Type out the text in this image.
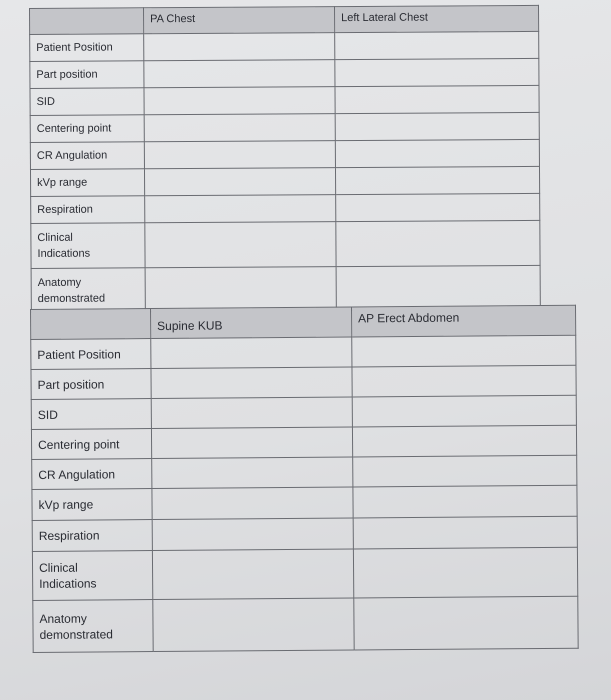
	PA Chest	Left Lateral Chest
Patient Position		
Part position		
SID		
Centering point		
CR Angulation		
kVp range		
Respiration		
Clinical
Indications		
Anatomy
demonstrated		
	Supine KUB	AP Erect Abdomen
Patient Position		
Part position		
SID		
Centering point		
CR Angulation		
kVp range		
Respiration		
Clinical
Indications		
Anatomy
demonstrated		
